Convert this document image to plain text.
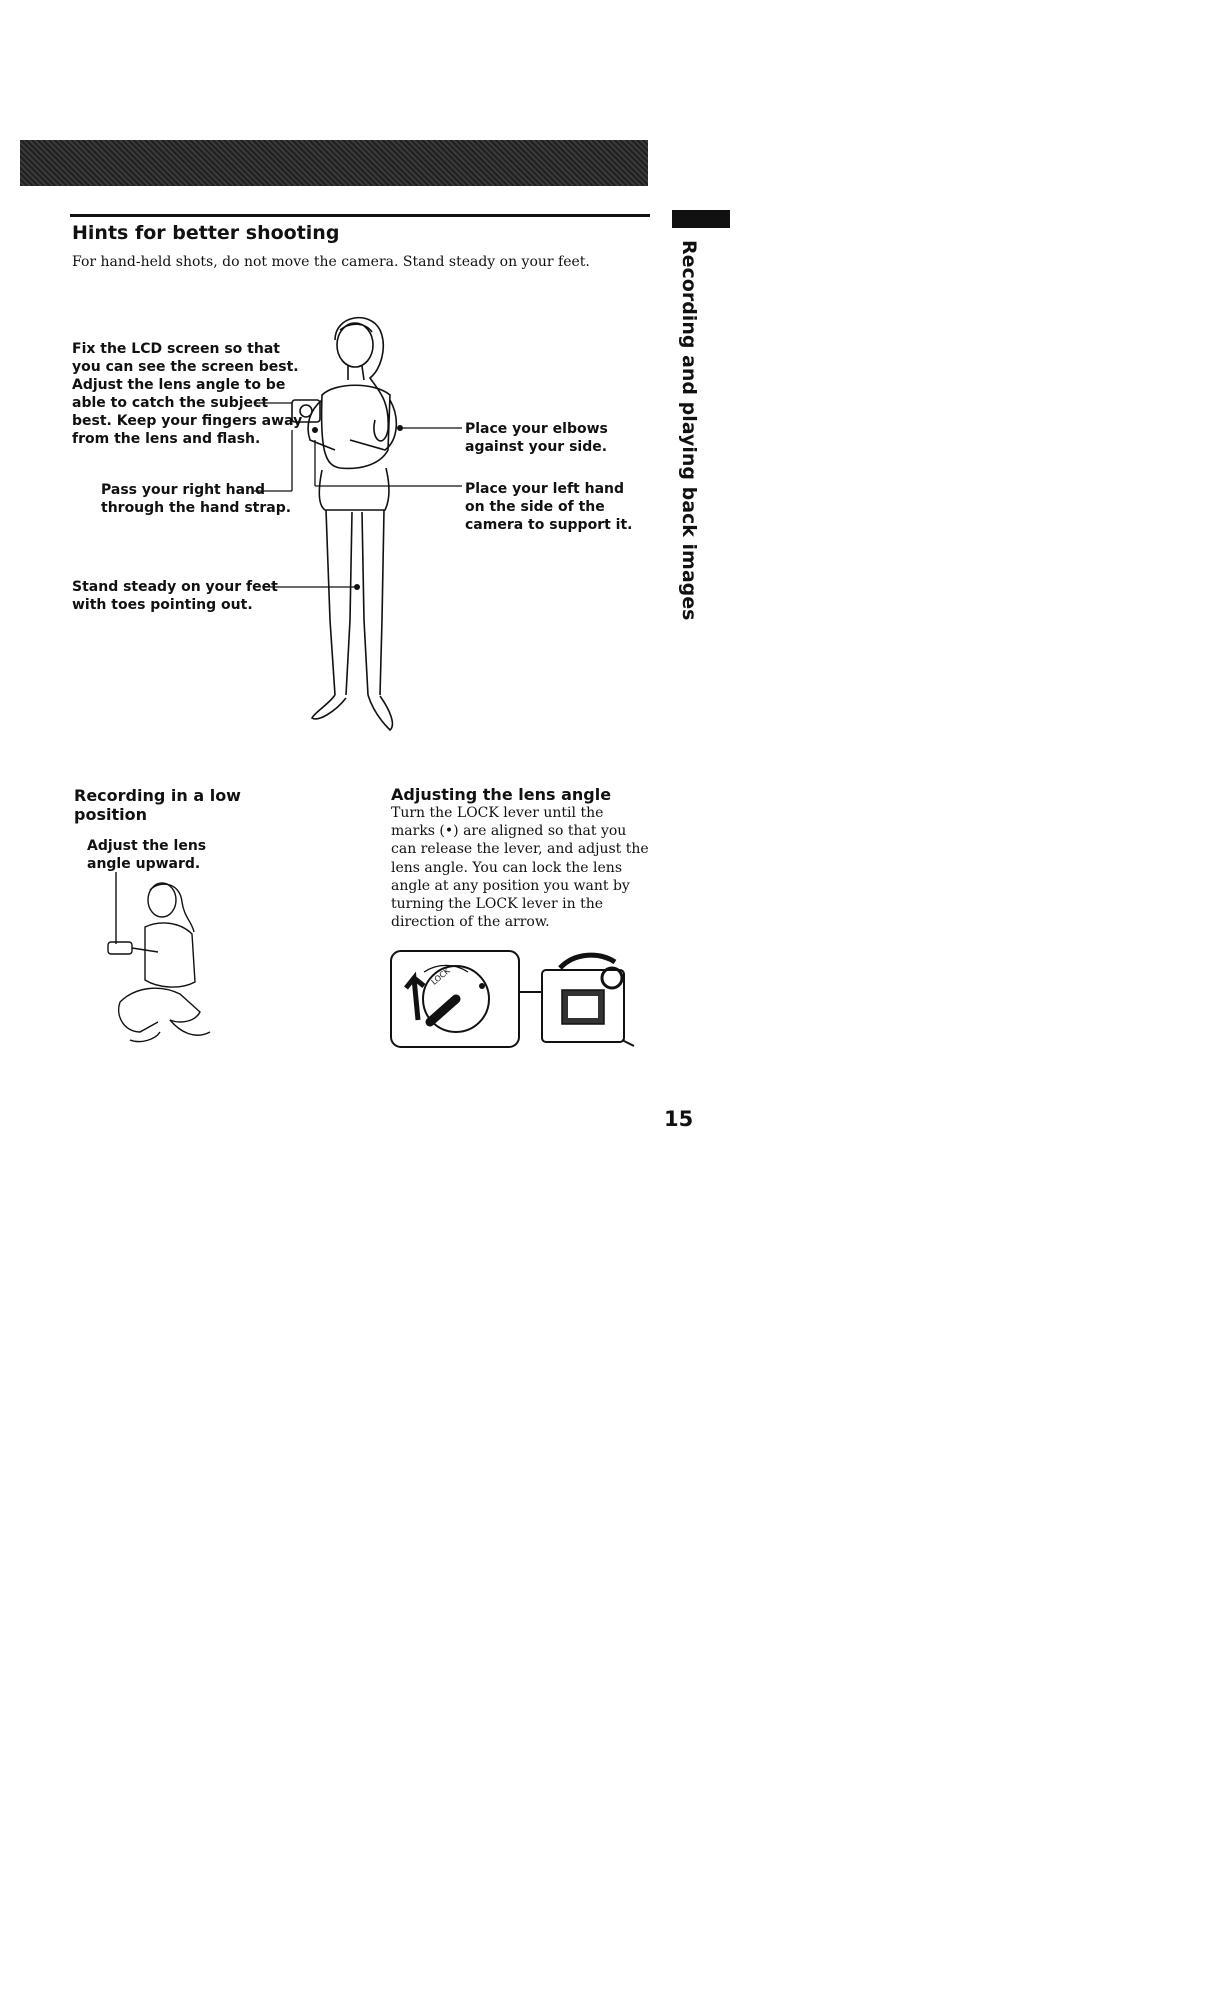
Hints for better shooting
For hand-held shots, do not move the camera. Stand steady on your feet.	Recording and playing back images
Fix the LCD screen so that
you can see the screen best.
Adjust the lens angle to be
able to catch the subject
best. Keep your fingers away
from the lens and flash.
Pass your right hand
through the hand strap.
Stand steady on your feet
with toes pointing out.
Place your elbows
against your side.
Place your left hand
on the side of the
camera to support it.
Recording in a low
position
Adjust the lens
angle upward.
Adjusting the lens angle
Turn the LOCK lever until the marks (•) are aligned so that you can release the lever, and adjust the lens angle. You can lock the lens angle at any position you want by turning the LOCK lever in the direction of the arrow.
LOCK
15
